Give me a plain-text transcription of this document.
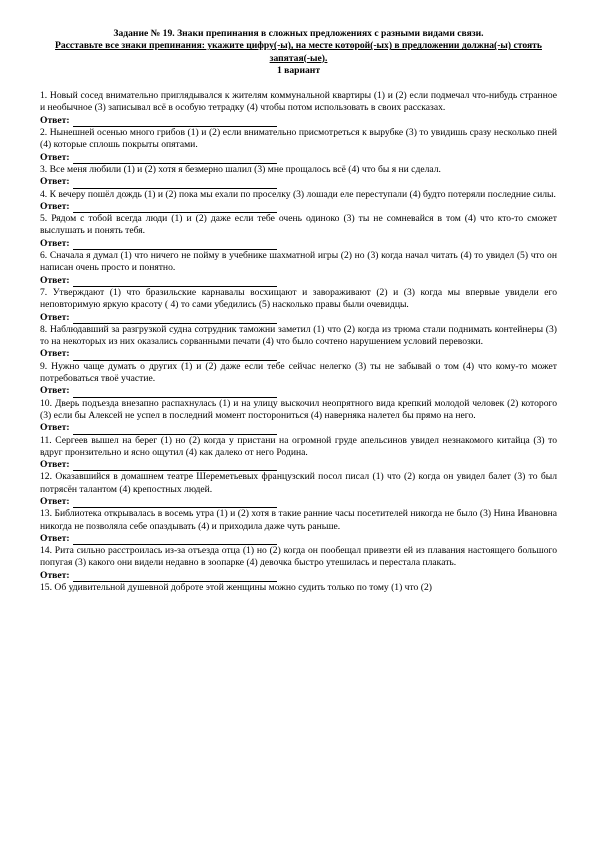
Задание № 19. Знаки препинания в сложных предложениях с разными видами связи.
Расставьте все знаки препинания: укажите цифру(-ы), на месте которой(-ых) в предложении должна(-ы) стоять запятая(-ые).
1 вариант
1. Новый сосед внимательно приглядывался к жителям коммунальной квартиры (1) и (2) если подмечал что-нибудь странное и необычное (3) записывал всё в особую тетрадку (4) чтобы потом использовать в своих рассказах.
Ответ:
2. Нынешней осенью много грибов (1) и (2) если внимательно присмотреться к вырубке (3) то увидишь сразу несколько пней (4) которые сплошь покрыты опятами.
Ответ:
3. Все меня любили (1) и (2) хотя я безмерно шалил (3) мне прощалось всё (4) что бы я ни сделал.
Ответ:
4. К вечеру пошёл дождь (1) и (2) пока мы ехали по проселку (3) лошади еле переступали (4) будто потеряли последние силы.
Ответ:
5. Рядом с тобой всегда люди (1) и (2) даже если тебе очень одиноко (3) ты не сомневайся в том (4) что кто-то сможет выслушать и понять тебя.
Ответ:
6. Сначала я думал (1) что ничего не пойму в учебнике шахматной игры (2) но (3) когда начал читать (4) то увидел (5) что он написан очень просто и понятно.
Ответ:
7. Утверждают (1) что бразильские карнавалы восхищают и завораживают (2) и (3) когда мы впервые увидели его неповторимую яркую красоту ( 4) то сами убедились (5) насколько правы были очевидцы.
Ответ:
8. Наблюдавший за разгрузкой судна сотрудник таможни заметил (1) что (2) когда из трюма стали поднимать контейнеры (3) то на некоторых из них оказались сорванными печати (4) что было сочтено нарушением условий перевозки.
Ответ:
9. Нужно чаще думать о других (1) и (2) даже если тебе сейчас нелегко (3) ты не забывай о том (4) что кому-то может потребоваться твоё участие.
Ответ:
10. Дверь подъезда внезапно распахнулась (1) и на улицу выскочил неопрятного вида крепкий молодой человек (2) которого (3) если бы Алексей не успел в последний момент посторониться (4) наверняка налетел бы прямо на него.
Ответ:
11. Сергеев вышел на берег (1) но (2) когда у пристани на огромной груде апельсинов увидел незнакомого китайца (3) то вдруг пронзительно и ясно ощутил (4) как далеко от него Родина.
Ответ:
12. Оказавшийся в домашнем театре Шереметьевых французский посол писал (1) что (2) когда он увидел балет (3) то был потрясён талантом (4) крепостных людей.
Ответ:
13. Библиотека открывалась в восемь утра (1) и (2) хотя в такие ранние часы посетителей никогда не было (3) Нина Ивановна никогда не позволяла себе опаздывать (4) и приходила даже чуть раньше.
Ответ:
14. Рита сильно расстроилась из-за отъезда отца (1) но (2) когда он пообещал привезти ей из плавания настоящего большого попугая (3) какого они видели недавно в зоопарке (4) девочка быстро утешилась и перестала плакать.
Ответ:
15. Об удивительной душевной доброте этой женщины можно судить только по тому (1) что (2)
